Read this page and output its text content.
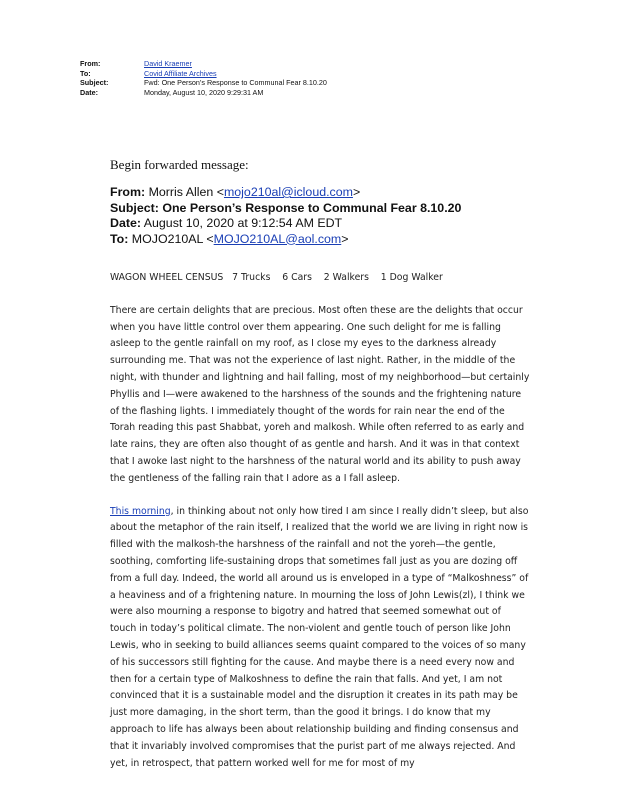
From:	David Kraemer
To:	Covid Affiliate Archives
Subject:	Fwd: One Person’s Response to Communal Fear 8.10.20
Date:	Monday, August 10, 2020 9:29:31 AM
Begin forwarded message:
From: Morris Allen <mojo210al@icloud.com>
Subject: One Person’s Response to Communal Fear 8.10.20
Date: August 10, 2020 at 9:12:54 AM EDT
To: MOJO210AL <MOJO210AL@aol.com>

WAGON WHEEL CENSUS   7 Trucks    6 Cars    2 Walkers    1 Dog Walker

There are certain delights that are precious. Most often these are the delights that occur when you have little control over them appearing. One such delight for me is falling asleep to the gentle rainfall on my roof, as I close my eyes to the darkness already surrounding me. That was not the experience of last night. Rather, in the middle of the night, with thunder and lightning and hail falling, most of my neighborhood—but certainly Phyllis and I—were awakened to the harshness of the sounds and the frightening nature of the flashing lights. I immediately thought of the words for rain near the end of the Torah reading this past Shabbat, yoreh and malkosh. While often referred to as early and late rains, they are often also thought of as gentle and harsh. And it was in that context that I awoke last night to the harshness of the natural world and its ability to push away the gentleness of the falling rain that I adore as a I fall asleep.

This morning, in thinking about not only how tired I am since I really didn’t sleep, but also about the metaphor of the rain itself, I realized that the world we are living in right now is filled with the malkosh-the harshness of the rainfall and not the yoreh—the gentle, soothing, comforting life-sustaining drops that sometimes fall just as you are dozing off from a full day. Indeed, the world all around us is enveloped in a type of “Malkoshness” of a heaviness and of a frightening nature. In mourning the loss of John Lewis(zl), I think we were also mourning a response to bigotry and hatred that seemed somewhat out of touch in today’s political climate. The non-violent and gentle touch of person like John Lewis, who in seeking to build alliances seems quaint compared to the voices of so many of his successors still fighting for the cause. And maybe there is a need every now and then for a certain type of Malkoshness to define the rain that falls. And yet, I am not convinced that it is a sustainable model and the disruption it creates in its path may be just more damaging, in the short term, than the good it brings. I do know that my approach to life has always been about relationship building and finding consensus and that it invariably involved compromises that the purist part of me always rejected. And yet, in retrospect, that pattern worked well for me for most of my
